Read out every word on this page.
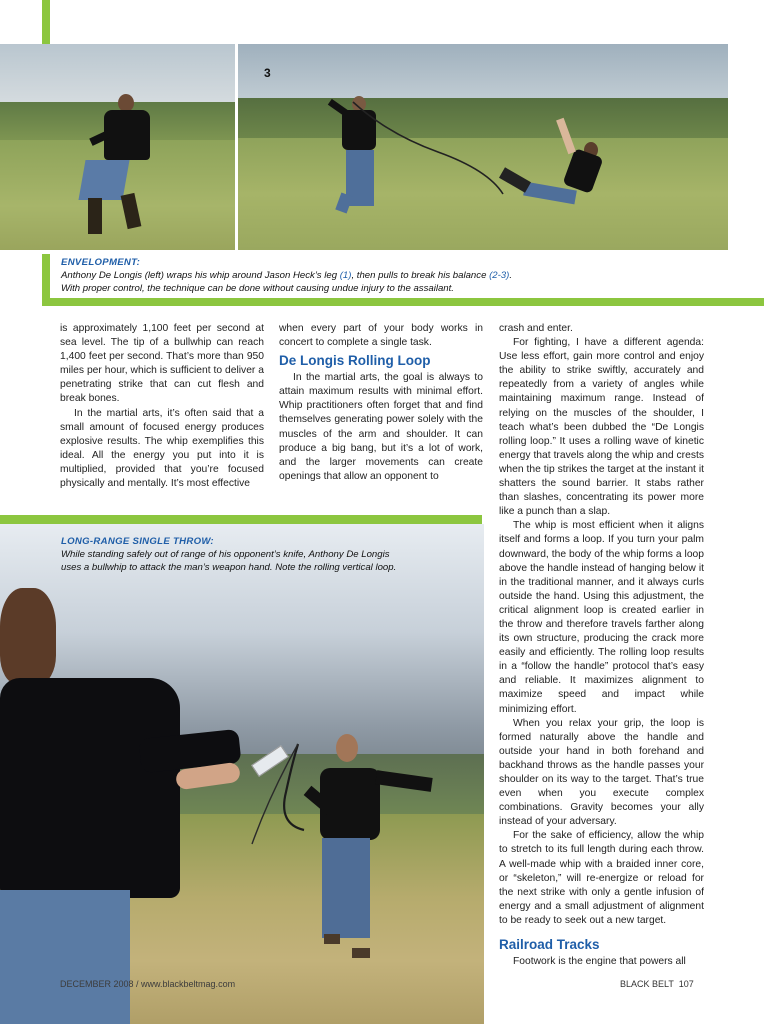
3
ENVELOPMENT:
Anthony De Longis (left) wraps his whip around Jason Heck’s leg (1), then pulls to break his balance (2-3).
With proper control, the technique can be done without causing undue injury to the assailant.

is approximately 1,100 feet per second at sea level. The tip of a bullwhip can reach 1,400 feet per second. That’s more than 950 miles per hour, which is sufficient to deliver a penetrating strike that can cut flesh and break bones.

In the martial arts, it’s often said that a small amount of focused energy produces explosive results. The whip exemplifies this ideal. All the energy you put into it is multiplied, provided that you’re focused physically and mentally. It’s most effective

when every part of your body works in concert to complete a single task.

De Longis Rolling Loop

In the martial arts, the goal is always to attain maximum results with minimal effort. Whip practitioners often forget that and find themselves generating power solely with the muscles of the arm and shoulder. It can produce a big bang, but it’s a lot of work, and the larger movements can create openings that allow an opponent to

crash and enter.

For fighting, I have a different agenda: Use less effort, gain more control and enjoy the ability to strike swiftly, accurately and repeatedly from a variety of angles while maintaining maximum range. Instead of relying on the muscles of the shoulder, I teach what’s been dubbed the “De Longis rolling loop.” It uses a rolling wave of kinetic energy that travels along the whip and crests when the tip strikes the target at the instant it shatters the sound barrier. It stabs rather than slashes, concentrating its power more like a punch than a slap.

The whip is most efficient when it aligns itself and forms a loop. If you turn your palm downward, the body of the whip forms a loop above the handle instead of hanging below it in the traditional manner, and it always curls outside the hand. Using this adjustment, the critical alignment loop is created earlier in the throw and therefore travels farther along its own structure, producing the crack more easily and efficiently. The rolling loop results in a “follow the handle” protocol that’s easy and reliable. It maximizes alignment to maximize speed and impact while minimizing effort.

When you relax your grip, the loop is formed naturally above the handle and outside your hand in both forehand and backhand throws as the handle passes your shoulder on its way to the target. That’s true even when you execute complex combinations. Gravity becomes your ally instead of your adversary.

For the sake of efficiency, allow the whip to stretch to its full length during each throw. A well-made whip with a braided inner core, or “skeleton,” will re-energize or reload for the next strike with only a gentle infusion of energy and a small adjustment of alignment to be ready to seek out a new target.

Railroad Tracks

Footwork is the engine that powers all

LONG-RANGE SINGLE THROW:
While standing safely out of range of his opponent’s knife, Anthony De Longis
uses a bullwhip to attack the man’s weapon hand. Note the rolling vertical loop.
DECEMBER 2008 / www.blackbeltmag.com	BLACK BELT  107
